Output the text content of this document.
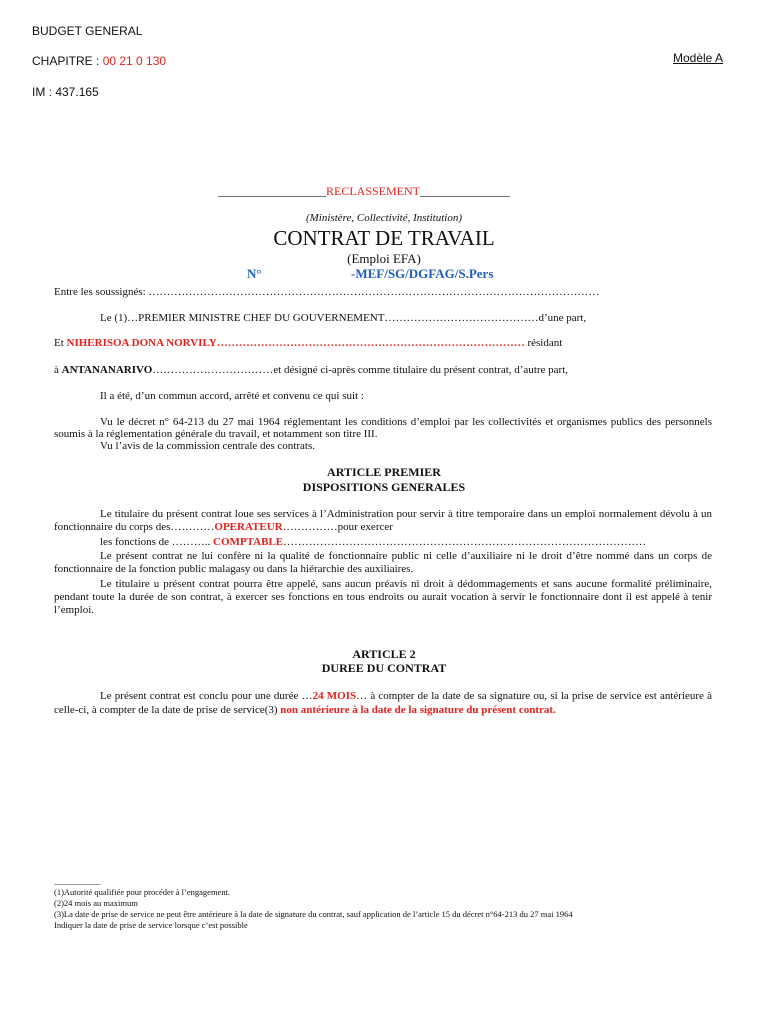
BUDGET GENERAL
CHAPITRE : 00 21 0 130
IM : 437.165
Modèle A
__________________RECLASSEMENT_______________
(Ministère, Collectivité, Institution)
CONTRAT DE TRAVAIL
(Emploi EFA)
N°	-MEF/SG/DGFAG/S.Pers
Entre les soussignés: ……………………………………………………………………………………………………………
Le (1)…PREMIER MINISTRE CHEF DU GOUVERNEMENT……………………………………d’une part,
Et NIHERISOA DONA NORVILY………………………………………………………………………… résidant
à ANTANANARIVO……………………………et désigné ci-après comme titulaire du présent contrat, d’autre part,
Il a été, d’un commun accord, arrêté et convenu ce qui suit :
Vu le décret n° 64-213 du 27 mai 1964 réglementant les conditions d’emploi par les collectivités et organismes publics des personnels soumis à la réglementation générale du travail, et notamment son titre III.
Vu l’avis de la commission centrale des contrats.
ARTICLE PREMIER
DISPOSITIONS GENERALES
Le titulaire du présent contrat loue ses services à l’Administration pour servir à titre temporaire dans un emploi normalement dévolu à un fonctionnaire du corps des…………OPERATEUR……………pour exercer
les fonctions de ……….. COMPTABLE………………………………………………………………………………………
Le présent contrat ne lui confère ni la qualité de fonctionnaire public ni celle d’auxiliaire ni le droit d’être nommé dans un corps de fonctionnaire de la fonction public malagasy ou dans la hiérarchie des auxiliaires.
Le titulaire u présent contrat pourra être appelé, sans aucun préavis ni droit à dédommagements et sans aucune formalité préliminaire, pendant toute la durée de son contrat, à exercer ses fonctions en tous endroits ou aurait vocation à servir le fonctionnaire dont il est appelé à tenir l’emploi.
ARTICLE 2
DUREE DU CONTRAT
Le présent contrat est conclu pour une durée …24 MOIS… à compter de la date de sa signature ou, si la prise de service est antérieure à celle-ci, à compter de la date de prise de service(3) non antérieure à la date de la signature du présent contrat.
___________
(1)Autorité qualifiée pour procéder à l’engagement.
(2)24 mois au maximum
(3)La date de prise de service ne peut être antérieure à la date de signature du contrat, sauf application de l’article 15 du décret n°64-213 du 27 mai 1964
Indiquer la date de prise de service lorsque c’est possible
